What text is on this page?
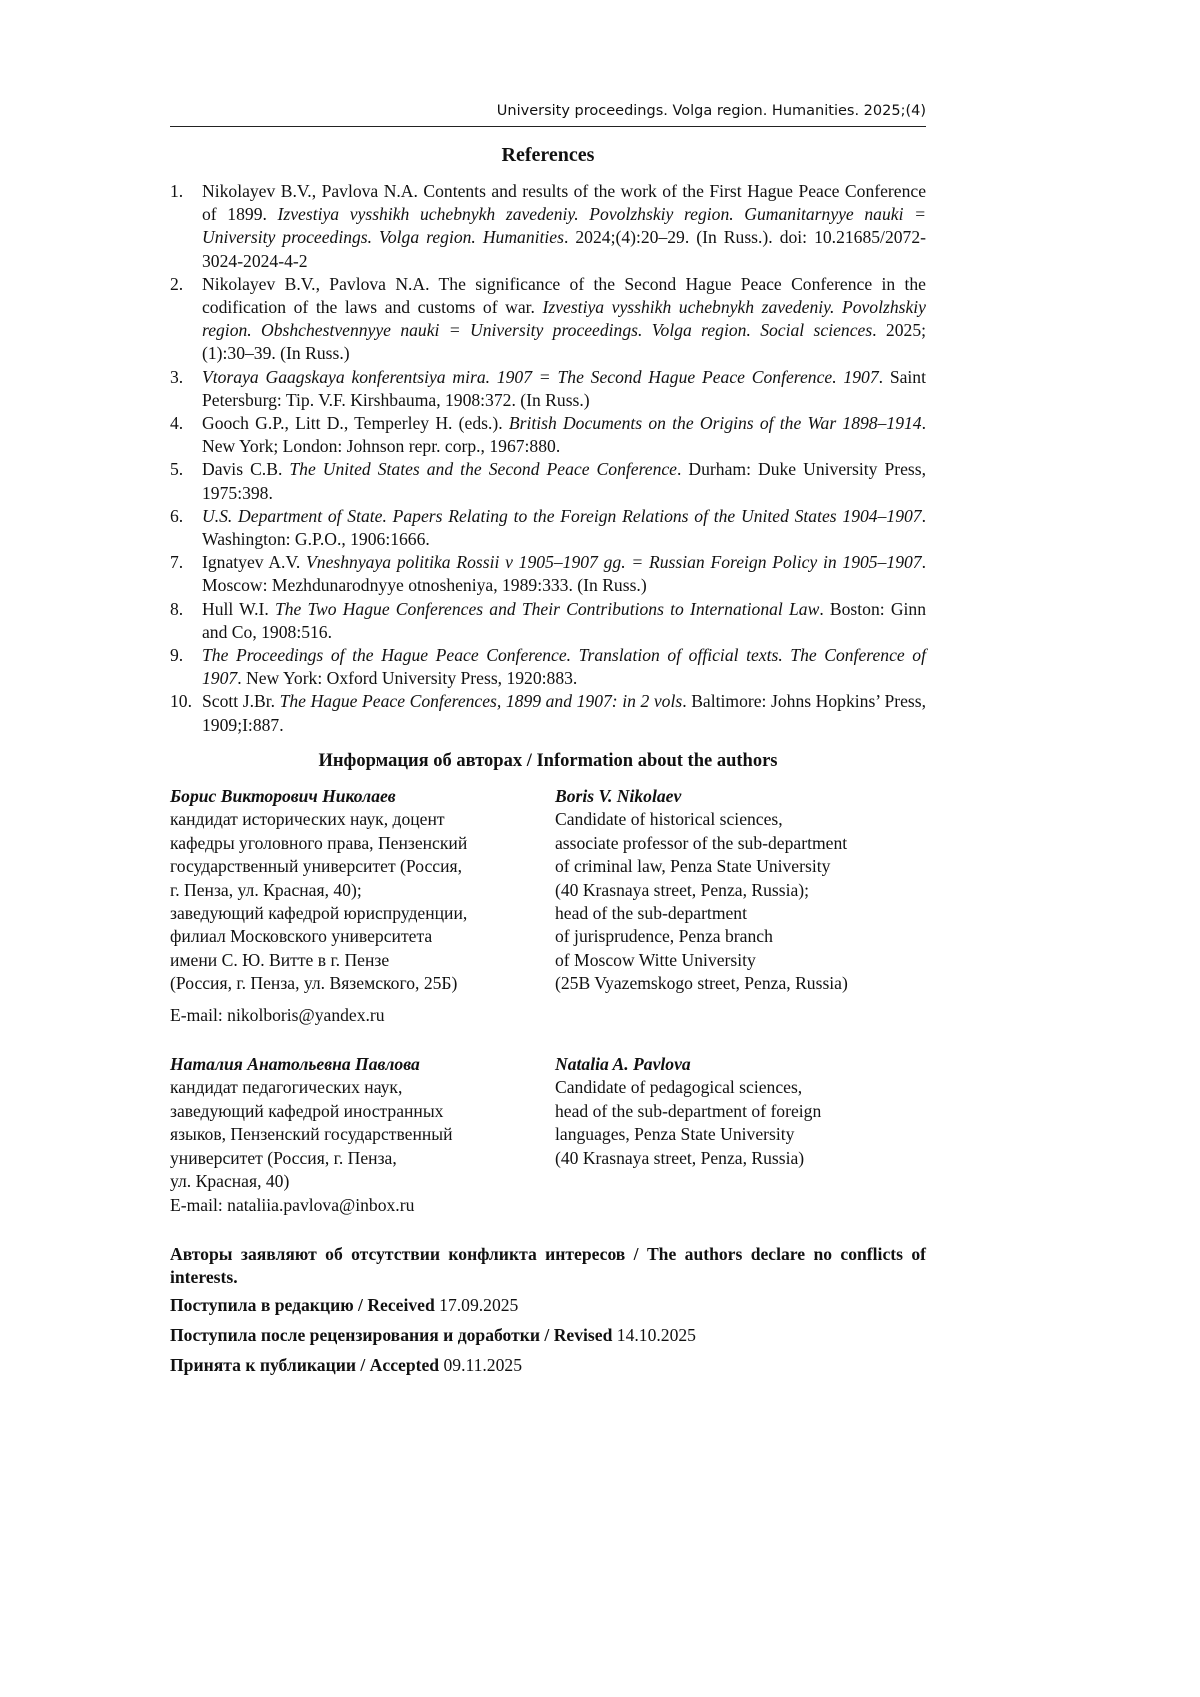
University proceedings. Volga region. Humanities. 2025;(4)
References
1. Nikolayev B.V., Pavlova N.A. Contents and results of the work of the First Hague Peace Conference of 1899. Izvestiya vysshikh uchebnykh zavedeniy. Povolzhskiy region. Gumanitarnyye nauki = University proceedings. Volga region. Humanities. 2024;(4):20–29. (In Russ.). doi: 10.21685/2072-3024-2024-4-2
2. Nikolayev B.V., Pavlova N.A. The significance of the Second Hague Peace Conference in the codification of the laws and customs of war. Izvestiya vysshikh uchebnykh zavedeniy. Povolzhskiy region. Obshchestvennyye nauki = University proceedings. Volga region. Social sciences. 2025;(1):30–39. (In Russ.)
3. Vtoraya Gaagskaya konferentsiya mira. 1907 = The Second Hague Peace Conference. 1907. Saint Petersburg: Tip. V.F. Kirshbauma, 1908:372. (In Russ.)
4. Gooch G.P., Litt D., Temperley H. (eds.). British Documents on the Origins of the War 1898–1914. New York; London: Johnson repr. corp., 1967:880.
5. Davis C.B. The United States and the Second Peace Conference. Durham: Duke University Press, 1975:398.
6. U.S. Department of State. Papers Relating to the Foreign Relations of the United States 1904–1907. Washington: G.P.O., 1906:1666.
7. Ignatyev A.V. Vneshnyaya politika Rossii v 1905–1907 gg. = Russian Foreign Policy in 1905–1907. Moscow: Mezhdunarodnyye otnosheniya, 1989:333. (In Russ.)
8. Hull W.I. The Two Hague Conferences and Their Contributions to International Law. Boston: Ginn and Co, 1908:516.
9. The Proceedings of the Hague Peace Conference. Translation of official texts. The Conference of 1907. New York: Oxford University Press, 1920:883.
10. Scott J.Br. The Hague Peace Conferences, 1899 and 1907: in 2 vols. Baltimore: Johns Hopkins’ Press, 1909;I:887.
Информация об авторах / Information about the authors
Борис Викторович Николаев
кандидат исторических наук, доцент
кафедры уголовного права, Пензенский
государственный университет (Россия,
г. Пенза, ул. Красная, 40);
заведующий кафедрой юриспруденции,
филиал Московского университета
имени С. Ю. Витте в г. Пензе
(Россия, г. Пенза, ул. Вяземского, 25Б)
Boris V. Nikolaev
Candidate of historical sciences,
associate professor of the sub-department
of criminal law, Penza State University
(40 Krasnaya street, Penza, Russia);
head of the sub-department
of jurisprudence, Penza branch
of Moscow Witte University
(25B Vyazemskogo street, Penza, Russia)
E-mail: nikolboris@yandex.ru
Наталия Анатольевна Павлова
кандидат педагогических наук,
заведующий кафедрой иностранных
языков, Пензенский государственный
университет (Россия, г. Пенза,
ул. Красная, 40)
Natalia A. Pavlova
Candidate of pedagogical sciences,
head of the sub-department of foreign
languages, Penza State University
(40 Krasnaya street, Penza, Russia)
E-mail: nataliia.pavlova@inbox.ru
Авторы заявляют об отсутствии конфликта интересов / The authors declare no conflicts of interests.
Поступила в редакцию / Received 17.09.2025
Поступила после рецензирования и доработки / Revised 14.10.2025
Принята к публикации / Accepted 09.11.2025
